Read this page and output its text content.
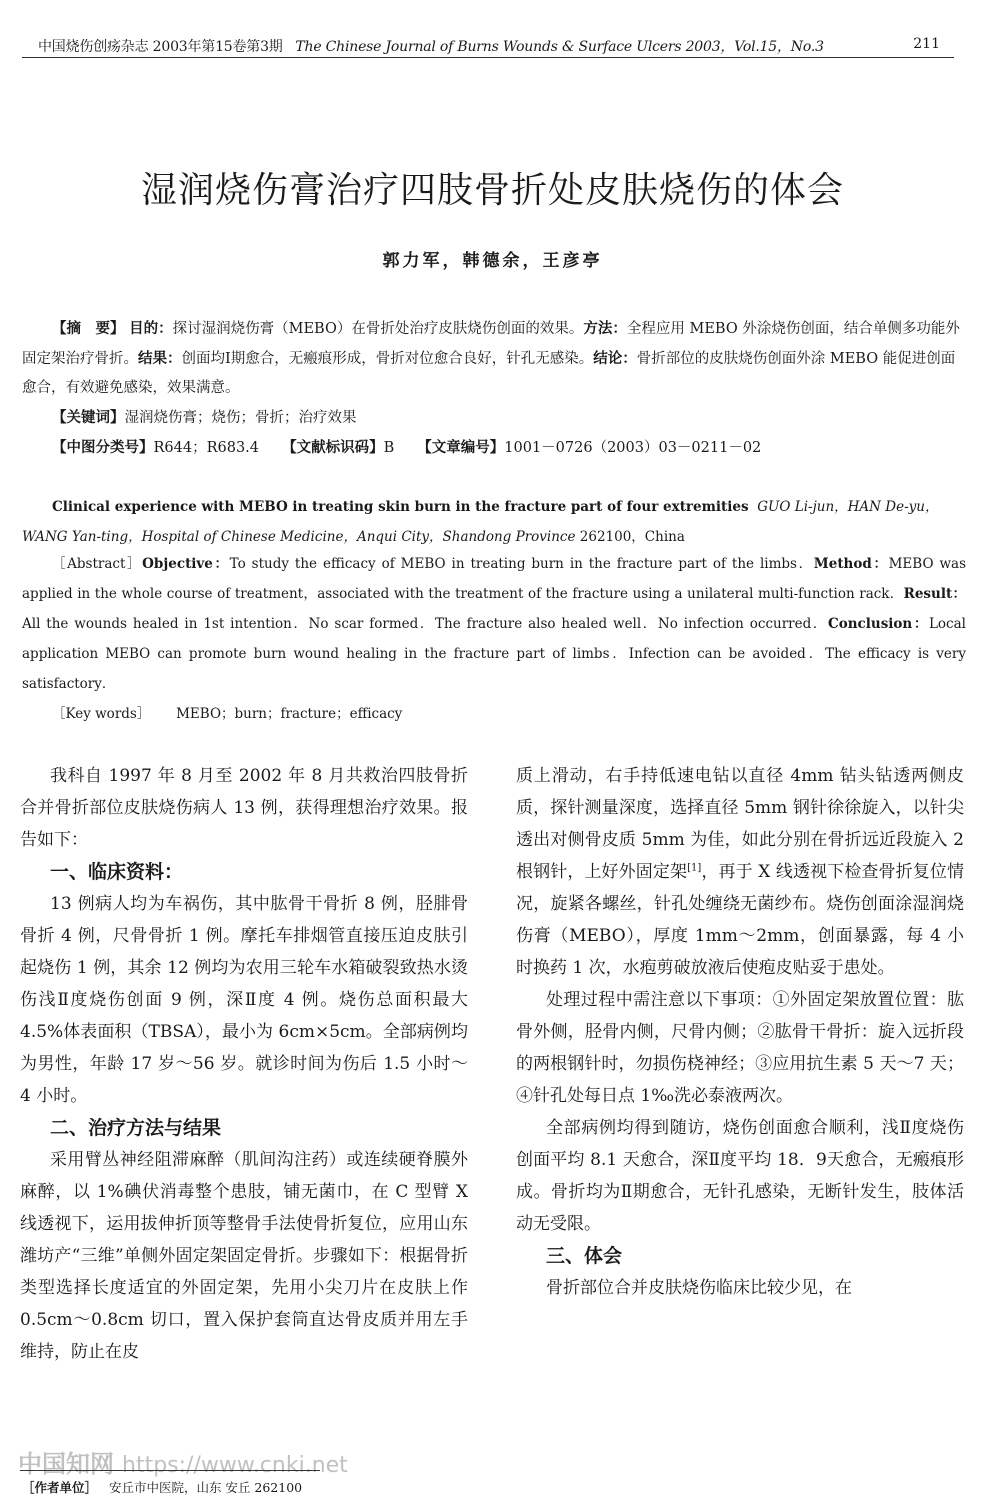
中国烧伤创疡杂志 2003年第15卷第3期 The Chinese Journal of Burns Wounds & Surface Ulcers 2003，Vol.15，No.3	211
湿润烧伤膏治疗四肢骨折处皮肤烧伤的体会
郭力军，韩德余，王彦亭

【摘　要】 目的：探讨湿润烧伤膏（MEBO）在骨折处治疗皮肤烧伤创面的效果。方法：全程应用 MEBO 外涂烧伤创面，结合单侧多功能外固定架治疗骨折。结果：创面均Ⅰ期愈合，无瘢痕形成，骨折对位愈合良好，针孔无感染。结论：骨折部位的皮肤烧伤创面外涂 MEBO 能促进创面愈合，有效避免感染，效果满意。

【关键词】湿润烧伤膏；烧伤；骨折；治疗效果

【中图分类号】R644；R683.4 【文献标识码】B 【文章编号】1001－0726（2003）03－0211－02

Clinical experience with MEBO in treating skin burn in the fracture part of four extremities GUO Li-jun，HAN De-yu，WANG Yan-ting，Hospital of Chinese Medicine，Anqui City，Shandong Province 262100，China

［Abstract］Objective：To study the efficacy of MEBO in treating burn in the fracture part of the limbs．Method：MEBO was applied in the whole course of treatment，associated with the treatment of the fracture using a unilateral multi-function rack．Result：All the wounds healed in 1st intention．No scar formed．The fracture also healed well．No infection occurred．Conclusion：Local application MEBO can promote burn wound healing in the fracture part of limbs．Infection can be avoided．The efficacy is very satisfactory．

［Key words］ MEBO；burn；fracture；efficacy

我科自 1997 年 8 月至 2002 年 8 月共救治四肢骨折合并骨折部位皮肤烧伤病人 13 例，获得理想治疗效果。报告如下：

一、临床资料：

13 例病人均为车祸伤，其中肱骨干骨折 8 例，胫腓骨骨折 4 例，尺骨骨折 1 例。摩托车排烟管直接压迫皮肤引起烧伤 1 例，其余 12 例均为农用三轮车水箱破裂致热水烫伤浅Ⅱ度烧伤创面 9 例，深Ⅱ度 4 例。烧伤总面积最大 4.5%体表面积（TBSA），最小为 6cm×5cm。全部病例均为男性，年龄 17 岁～56 岁。就诊时间为伤后 1.5 小时～4 小时。

二、治疗方法与结果

采用臂丛神经阻滞麻醉（肌间沟注药）或连续硬脊膜外麻醉，以 1%碘伏消毒整个患肢，铺无菌巾，在 C 型臂 X 线透视下，运用拔伸折顶等整骨手法使骨折复位，应用山东潍坊产“三维”单侧外固定架固定骨折。步骤如下：根据骨折类型选择长度适宜的外固定架，先用小尖刀片在皮肤上作 0.5cm～0.8cm 切口，置入保护套筒直达骨皮质并用左手维持，防止在皮

质上滑动，右手持低速电钻以直径 4mm 钻头钻透两侧皮质，探针测量深度，选择直径 5mm 钢针徐徐旋入，以针尖透出对侧骨皮质 5mm 为佳，如此分别在骨折远近段旋入 2 根钢针，上好外固定架[1]，再于 X 线透视下检查骨折复位情况，旋紧各螺丝，针孔处缠绕无菌纱布。烧伤创面涂湿润烧伤膏（MEBO），厚度 1mm～2mm，创面暴露，每 4 小时换药 1 次，水疱剪破放液后使疱皮贴妥于患处。

处理过程中需注意以下事项：①外固定架放置位置：肱骨外侧，胫骨内侧，尺骨内侧；②肱骨干骨折：旋入远折段的两根钢针时，勿损伤桡神经；③应用抗生素 5 天～7 天；④针孔处每日点 1‰洗必泰液两次。

全部病例均得到随访，烧伤创面愈合顺利，浅Ⅱ度烧伤创面平均 8.1 天愈合，深Ⅱ度平均 18．9天愈合，无瘢痕形成。骨折均为Ⅱ期愈合，无针孔感染，无断针发生，肢体活动无受限。

三、体会

骨折部位合并皮肤烧伤临床比较少见，在

中国知网 https://www.cnki.net
［作者单位］ 安丘市中医院，山东 安丘 262100
